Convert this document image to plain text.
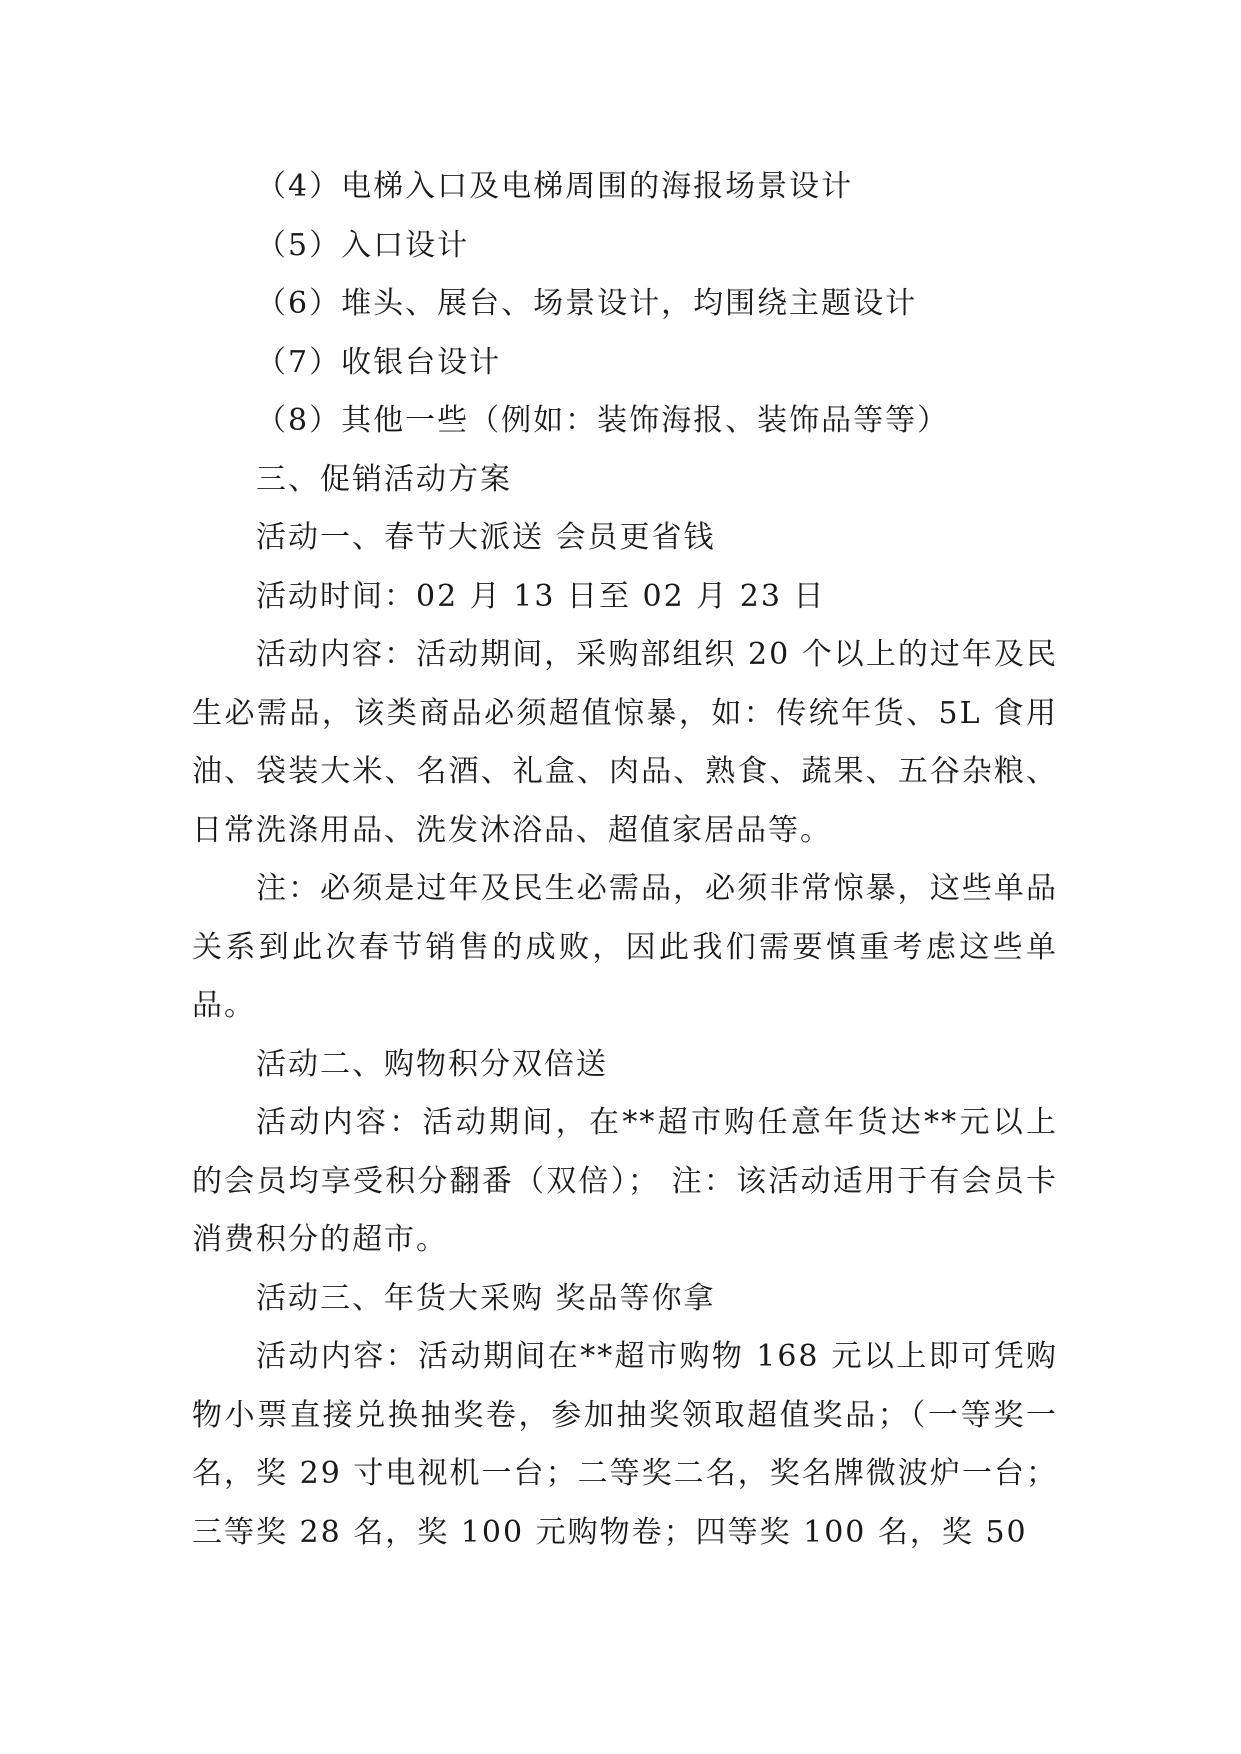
（4）电梯入口及电梯周围的海报场景设计
（5）入口设计
（6）堆头、展台、场景设计，均围绕主题设计
（7）收银台设计
（8）其他一些（例如：装饰海报、装饰品等等）
三、促销活动方案
活动一、春节大派送 会员更省钱
活动时间：02 月 13 日至 02 月 23 日

活动内容：活动期间，采购部组织 20 个以上的过年及民生必需品，该类商品必须超值惊暴，如：传统年货、5L 食用油、袋装大米、名酒、礼盒、肉品、熟食、蔬果、五谷杂粮、日常洗涤用品、洗发沐浴品、超值家居品等。

注：必须是过年及民生必需品，必须非常惊暴，这些单品关系到此次春节销售的成败，因此我们需要慎重考虑这些单品。

活动二、购物积分双倍送

活动内容：活动期间，在**超市购任意年货达**元以上的会员均享受积分翻番（双倍）； 注：该活动适用于有会员卡消费积分的超市。

活动三、年货大采购 奖品等你拿

活动内容：活动期间在**超市购物 168 元以上即可凭购物小票直接兑换抽奖卷，参加抽奖领取超值奖品；（一等奖一名，奖 29 寸电视机一台；二等奖二名，奖名牌微波炉一台；三等奖 28 名，奖 100 元购物卷；四等奖 100 名，奖 50
